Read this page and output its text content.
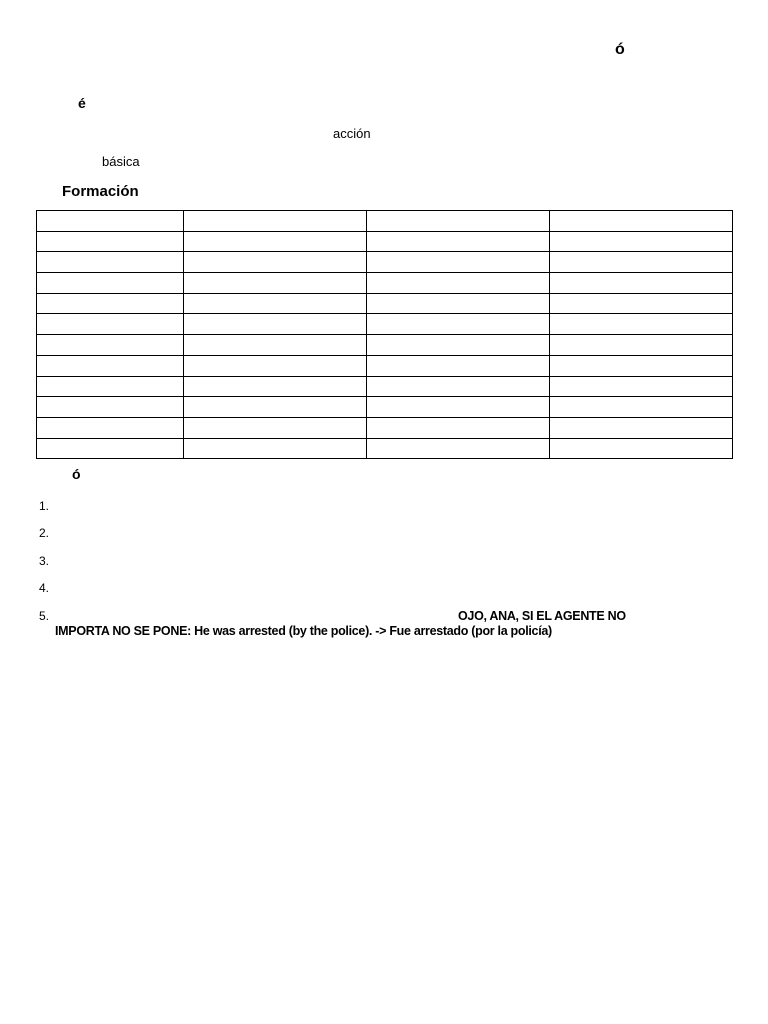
ó
é
acción
básica
Formación

ó
1.
2.
3.
4.
5.	OJO, ANA, SI EL AGENTE NO IMPORTA NO SE PONE: He was arrested (by the police). -> Fue arrestado (por la policía)
